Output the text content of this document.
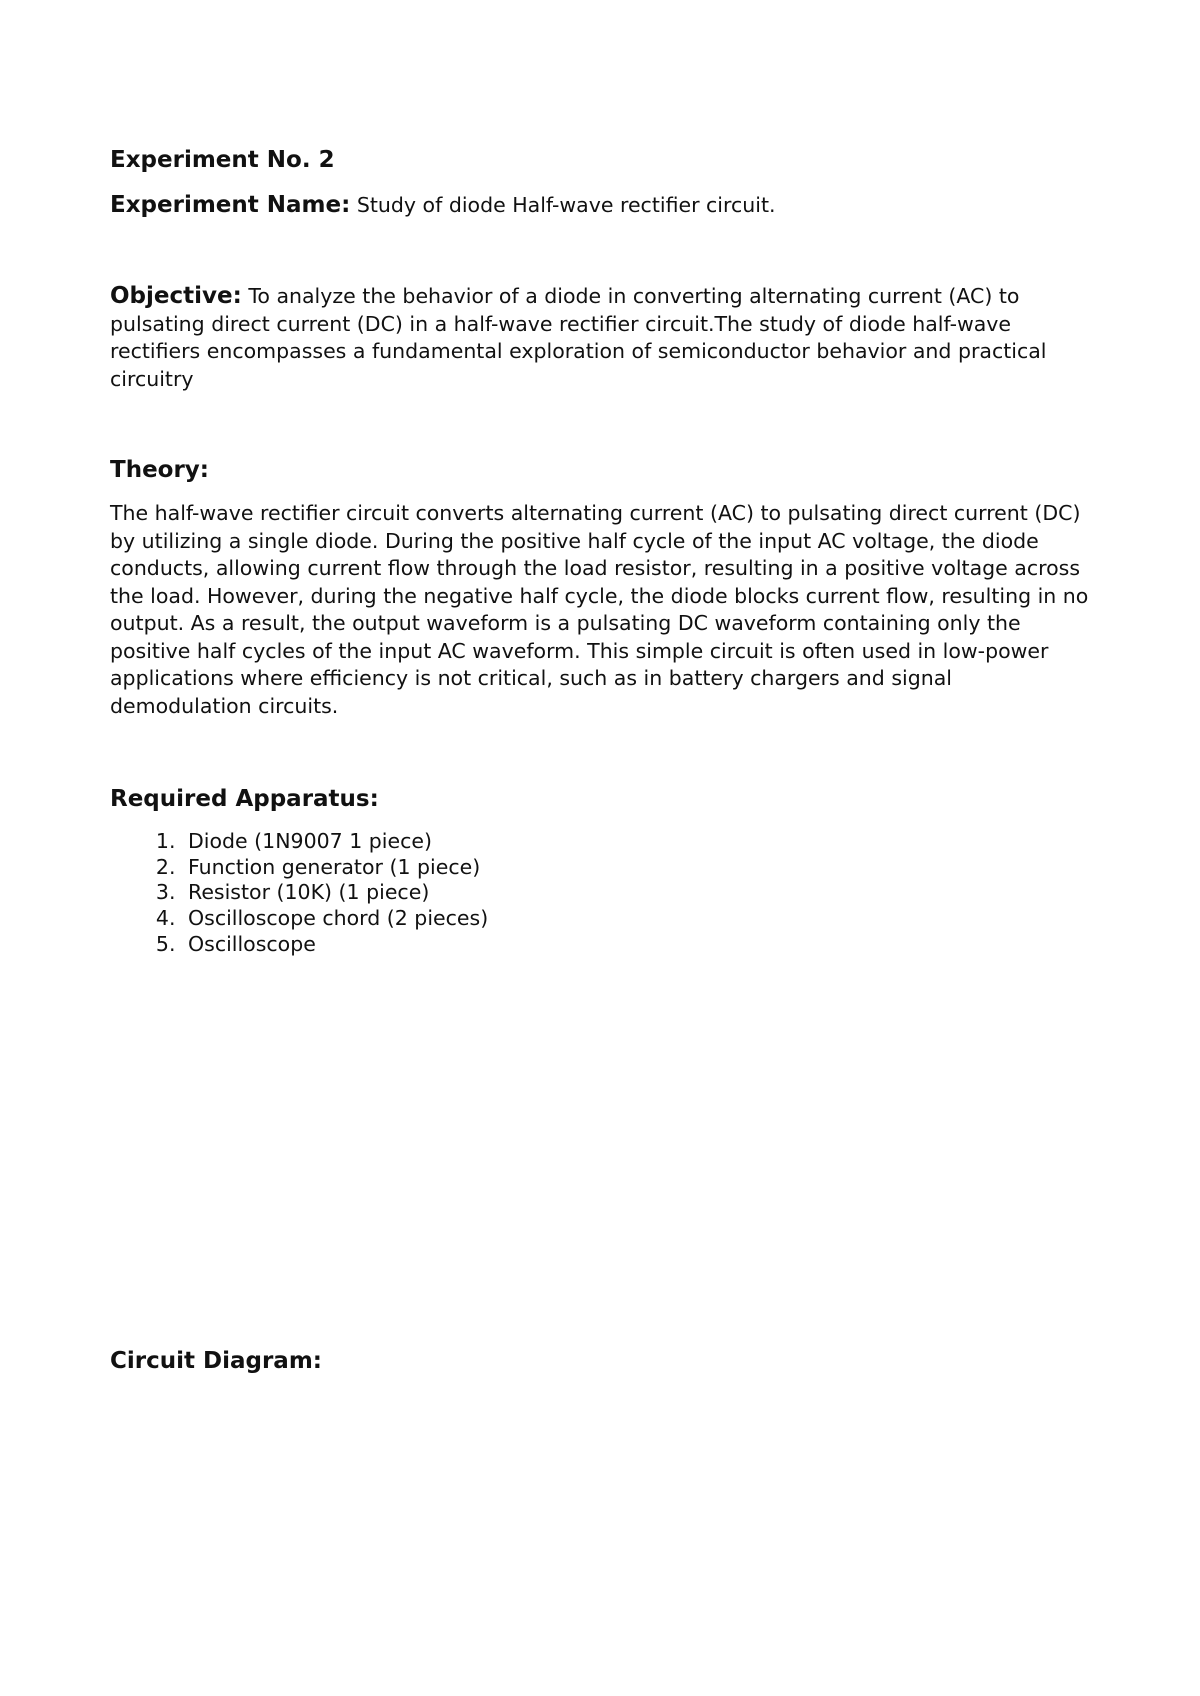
Experiment No. 2
Experiment Name: Study of diode Half-wave rectifier circuit.
Objective: To analyze the behavior of a diode in converting alternating current (AC) to pulsating direct current (DC) in a half-wave rectifier circuit.The study of diode half-wave rectifiers encompasses a fundamental exploration of semiconductor behavior and practical circuitry
Theory:
The half-wave rectifier circuit converts alternating current (AC) to pulsating direct current (DC) by utilizing a single diode. During the positive half cycle of the input AC voltage, the diode conducts, allowing current flow through the load resistor, resulting in a positive voltage across the load. However, during the negative half cycle, the diode blocks current flow, resulting in no output. As a result, the output waveform is a pulsating DC waveform containing only the positive half cycles of the input AC waveform. This simple circuit is often used in low-power applications where efficiency is not critical, such as in battery chargers and signal demodulation circuits.
Required Apparatus:
1. Diode (1N9007 1 piece)
2. Function generator (1 piece)
3. Resistor (10K) (1 piece)
4. Oscilloscope chord (2 pieces)
5. Oscilloscope
Circuit Diagram:
